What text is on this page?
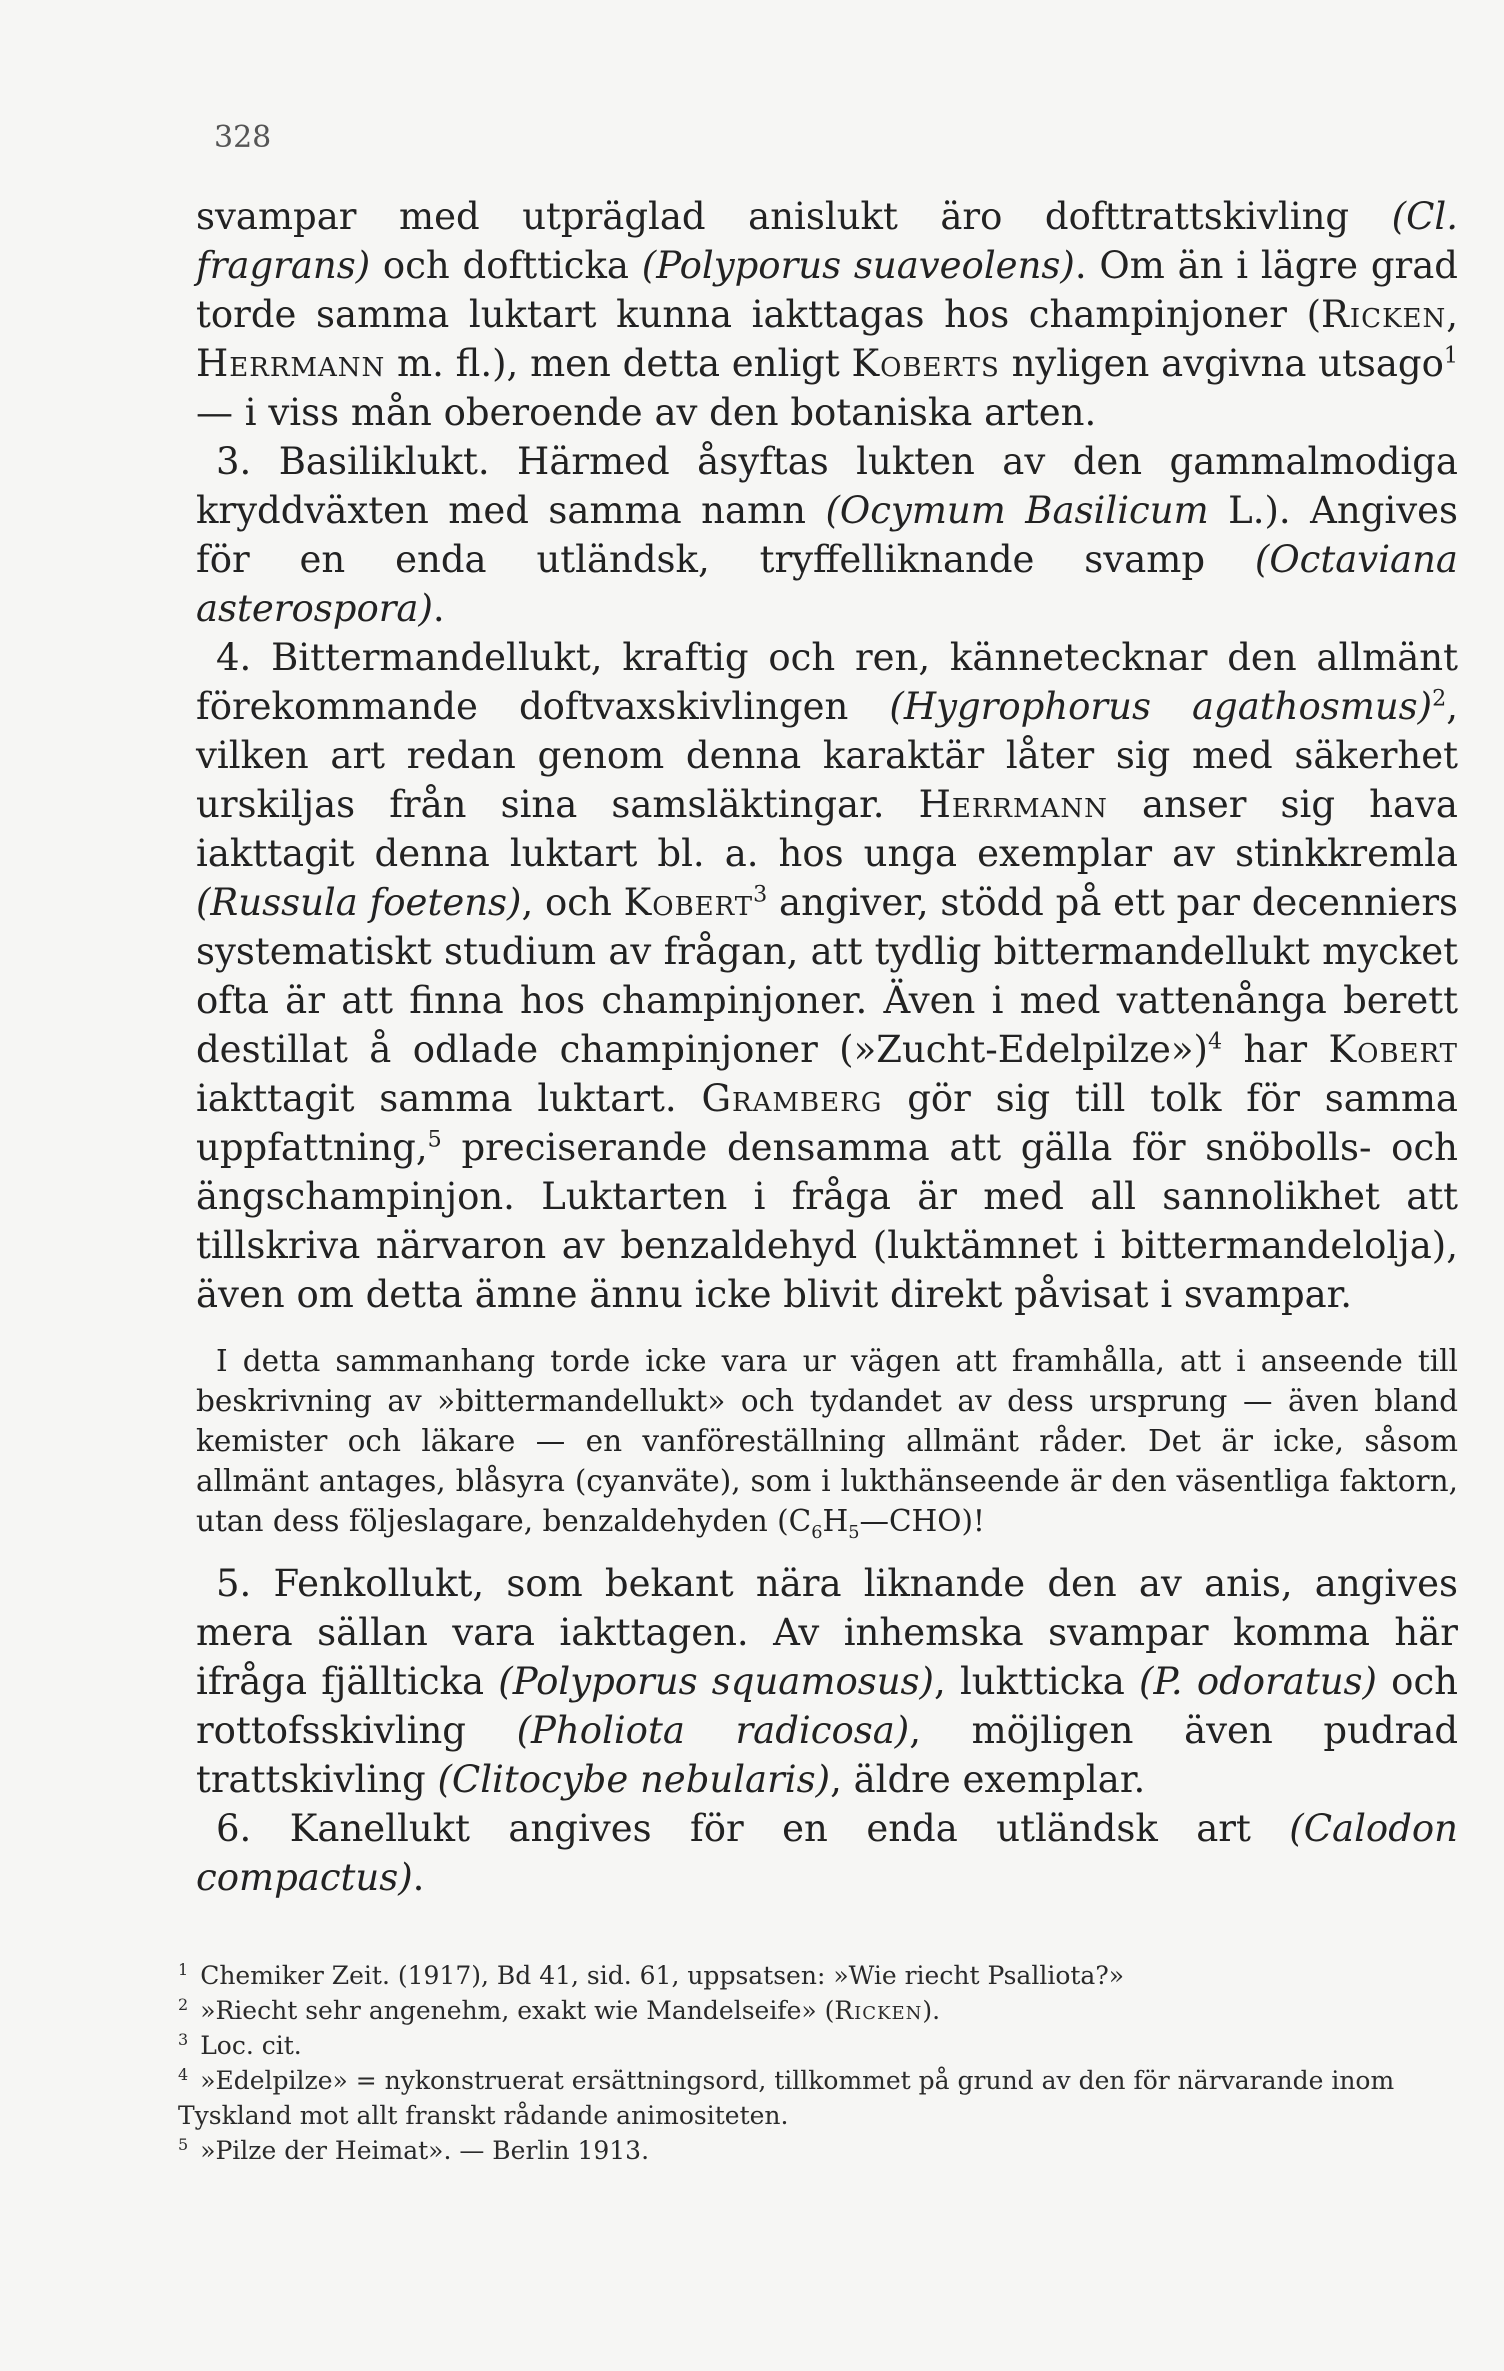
328

svampar med utpräglad anislukt äro dofttrattskivling (Cl. fragrans) och doftticka (Polyporus suaveolens). Om än i lägre grad torde samma luktart kunna iakttagas hos champinjoner (Ricken, Herrmann m. fl.), men detta enligt Koberts nyligen avgivna utsago$^1$ — i viss mån oberoende av den botaniska arten.

3. Basiliklukt. Härmed åsyftas lukten av den gammalmodiga kryddväxten med samma namn (Ocymum Basilicum L.). Angives för en enda utländsk, tryffelliknande svamp (Octaviana asterospora).

4. Bittermandellukt, kraftig och ren, kännetecknar den allmänt förekommande doftvaxskivlingen (Hygrophorus agathosmus)$^2$, vilken art redan genom denna karaktär låter sig med säkerhet urskiljas från sina samsläktingar. Herrmann anser sig hava iakttagit denna luktart bl. a. hos unga exemplar av stinkkremla (Russula foetens), och Kobert$^3$ angiver, stödd på ett par decenniers systematiskt studium av frågan, att tydlig bittermandellukt mycket ofta är att finna hos champinjoner. Även i med vattenånga berett destillat å odlade champinjoner (»Zucht-Edelpilze»)$^4$ har Kobert iakttagit samma luktart. Gramberg gör sig till tolk för samma uppfattning,$^5$ preciserande densamma att gälla för snöbolls- och ängschampinjon. Luktarten i fråga är med all sannolikhet att tillskriva närvaron av benzaldehyd (luktämnet i bittermandelolja), även om detta ämne ännu icke blivit direkt påvisat i svampar.

I detta sammanhang torde icke vara ur vägen att framhålla, att i anseende till beskrivning av »bittermandellukt» och tydandet av dess ursprung — även bland kemister och läkare — en vanföreställning allmänt råder. Det är icke, såsom allmänt antages, blåsyra (cyanväte), som i lukthänseende är den väsentliga faktorn, utan dess följeslagare, benzaldehyden $(C_6H_5—CHO)$!

5. Fenkollukt, som bekant nära liknande den av anis, angives mera sällan vara iakttagen. Av inhemska svampar komma här ifråga fjällticka (Polyporus squamosus), luktticka (P. odoratus) och rottofsskivling (Pholiota radicosa), möjligen även pudrad trattskivling (Clitocybe nebularis), äldre exemplar.

6. Kanellukt angives för en enda utländsk art (Calodon compactus).

$^1$ Chemiker Zeit. (1917), Bd 41, sid. 61, uppsatsen: »Wie riecht Psalliota?»

$^2$ »Riecht sehr angenehm, exakt wie Mandelseife» (Ricken).

$^3$ Loc. cit.

$^4$ »Edelpilze» = nykonstruerat ersättningsord, tillkommet på grund av den för närvarande inom Tyskland mot allt franskt rådande animositeten.

$^5$ »Pilze der Heimat». — Berlin 1913.
